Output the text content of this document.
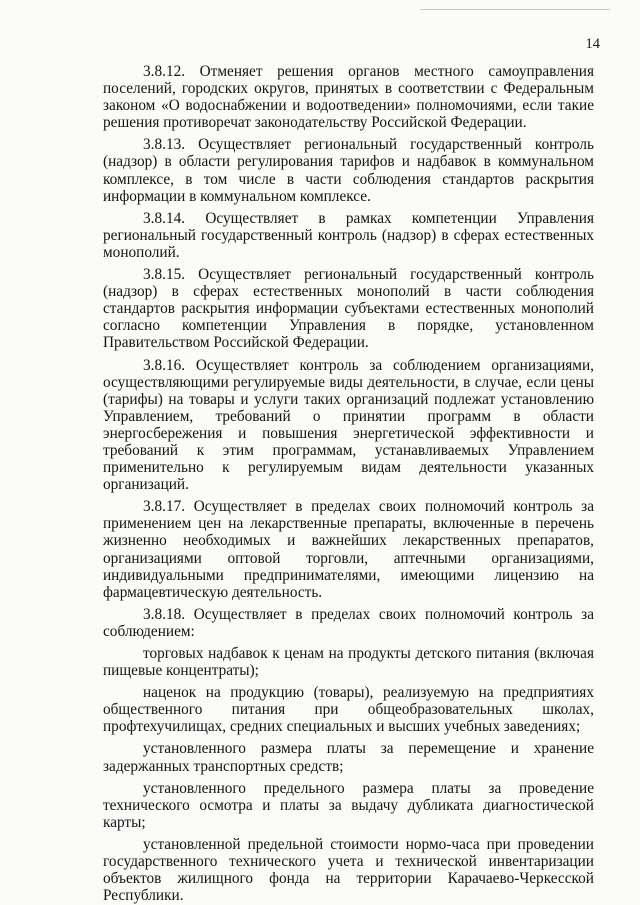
14

3.8.12. Отменяет решения органов местного самоуправления поселений, городских округов, принятых в соответствии с Федеральным законом «О водоснабжении и водоотведении» полномочиями, если такие решения противоречат законодательству Российской Федерации.

3.8.13. Осуществляет региональный государственный контроль (надзор) в области регулирования тарифов и надбавок в коммунальном комплексе, в том числе в части соблюдения стандартов раскрытия информации в коммунальном комплексе.

3.8.14. Осуществляет в рамках компетенции Управления региональный государственный контроль (надзор) в сферах естественных монополий.

3.8.15. Осуществляет региональный государственный контроль (надзор) в сферах естественных монополий в части соблюдения стандартов раскрытия информации субъектами естественных монополий согласно компетенции Управления в порядке, установленном Правительством Российской Федерации.

3.8.16. Осуществляет контроль за соблюдением организациями, осуществляющими регулируемые виды деятельности, в случае, если цены (тарифы) на товары и услуги таких организаций подлежат установлению Управлением, требований о принятии программ в области энергосбережения и повышения энергетической эффективности и требований к этим программам, устанавливаемых Управлением применительно к регулируемым видам деятельности указанных организаций.

3.8.17. Осуществляет в пределах своих полномочий контроль за применением цен на лекарственные препараты, включенные в перечень жизненно необходимых и важнейших лекарственных препаратов, организациями оптовой торговли, аптечными организациями, индивидуальными предпринимателями, имеющими лицензию на фармацевтическую деятельность.

3.8.18. Осуществляет в пределах своих полномочий контроль за соблюдением:

торговых надбавок к ценам на продукты детского питания (включая пищевые концентраты);

наценок на продукцию (товары), реализуемую на предприятиях общественного питания при общеобразовательных школах, профтехучилищах, средних специальных и высших учебных заведениях;

установленного размера платы за перемещение и хранение задержанных транспортных средств;

установленного предельного размера платы за проведение технического осмотра и платы за выдачу дубликата диагностической карты;

установленной предельной стоимости нормо-часа при проведении государственного технического учета и технической инвентаризации объектов жилищного фонда на территории Карачаево-Черкесской Республики.
